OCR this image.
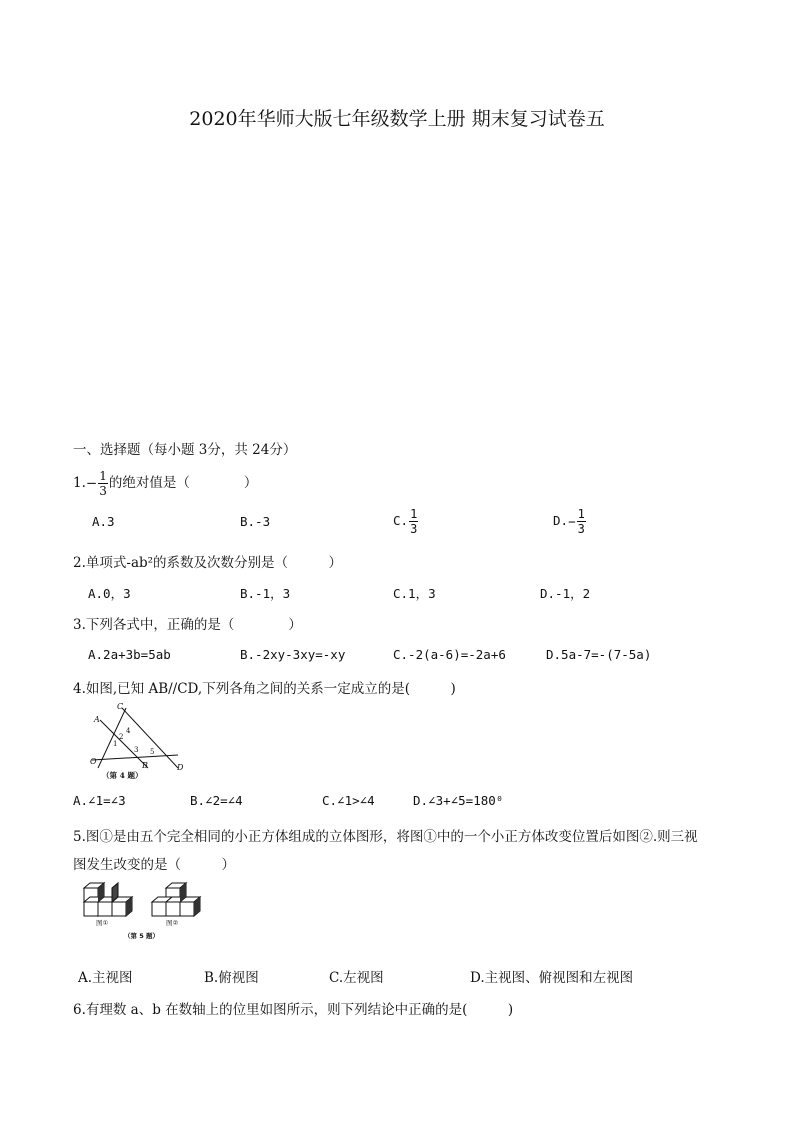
2020年华师大版七年级数学上册 期末复习试卷五
一、选择题（每小题 3分，共 24分）
$1.- \frac{1}{3}$ 的绝对值是（　　　　）
A.3	B.-3	C. $\frac{1}{3}$	$D.- \frac{1}{3}$
2.单项式-ab²的系数及次数分别是（　　　）
A.0，3	B.-1，3	C.1，3	D.-1，2
3.下列各式中，正确的是（　　　　）
A.2a+3b=5ab	B.-2xy-3xy=-xy	C.-2(a-6)=-2a+6	D.5a-7=-(7-5a)
4.如图,已知 AB//CD,下列各角之间的关系一定成立的是(　　　)
C
A
O	B	D
4
2
1
3 5
（第 4 题）
A.∠1=∠3	B.∠2=∠4	C.∠1>∠4	D.∠3+∠5=180⁰
5.图①是由五个完全相同的小正方体组成的立体图形，将图①中的一个小正方体改变位置后如图②.则三视
图发生改变的是（　　　）
图①	图②
（第 5 题）
A.主视图	B.俯视图	C.左视图	D.主视图、俯视图和左视图
6.有理数 a、b 在数轴上的位里如图所示，则下列结论中正确的是(　　　)
